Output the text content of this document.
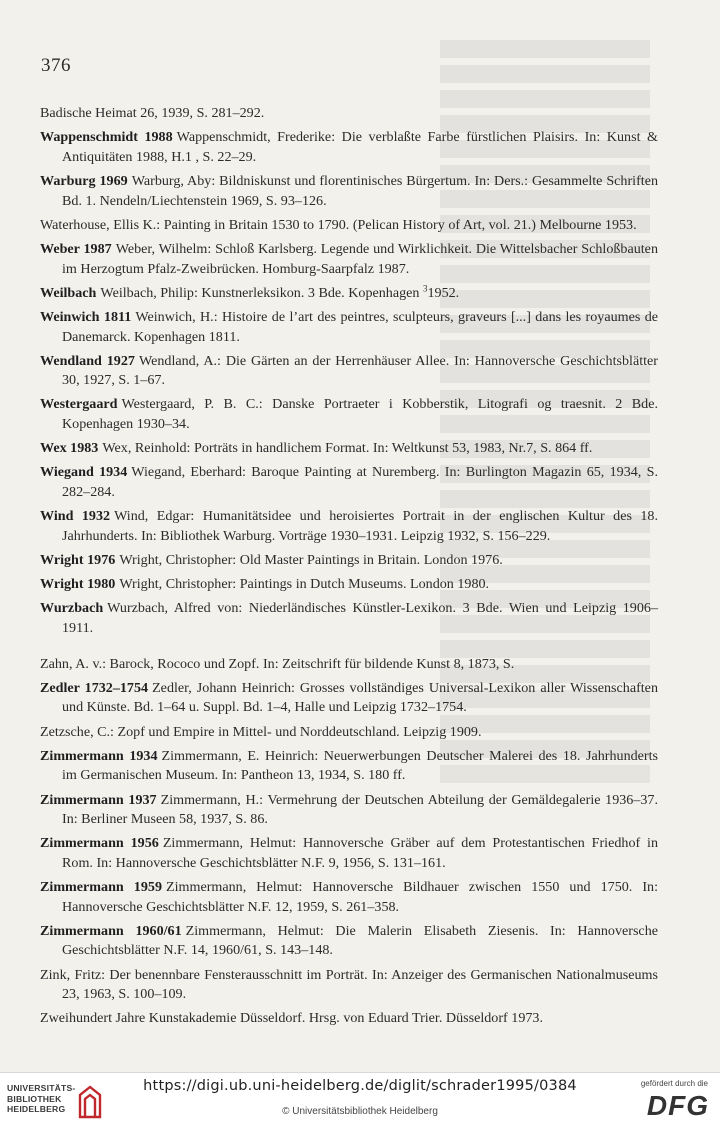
376
Badische Heimat 26, 1939, S. 281–292.
Wappenschmidt 1988 Wappenschmidt, Frederike: Die verblaßte Farbe fürstlichen Plaisirs. In: Kunst & Antiquitäten 1988, H.1 , S. 22–29.
Warburg 1969 Warburg, Aby: Bildniskunst und florentinisches Bürgertum. In: Ders.: Gesammelte Schriften Bd. 1. Nendeln/Liechtenstein 1969, S. 93–126.
Waterhouse, Ellis K.: Painting in Britain 1530 to 1790. (Pelican History of Art, vol. 21.) Melbourne 1953.
Weber 1987 Weber, Wilhelm: Schloß Karlsberg. Legende und Wirklichkeit. Die Wittelsbacher Schloßbauten im Herzogtum Pfalz-Zweibrücken. Homburg-Saarpfalz 1987.
Weilbach Weilbach, Philip: Kunstnerleksikon. 3 Bde. Kopenhagen $^3$1952.
Weinwich 1811 Weinwich, H.: Histoire de l’art des peintres, sculpteurs, graveurs [...] dans les royaumes de Danemarck. Kopenhagen 1811.
Wendland 1927 Wendland, A.: Die Gärten an der Herrenhäuser Allee. In: Hannoversche Geschichtsblätter 30, 1927, S. 1–67.
Westergaard Westergaard, P. B. C.: Danske Portraeter i Kobberstik, Litografi og traesnit. 2 Bde. Kopenhagen 1930–34.
Wex 1983 Wex, Reinhold: Porträts in handlichem Format. In: Weltkunst 53, 1983, Nr.7, S. 864 ff.
Wiegand 1934 Wiegand, Eberhard: Baroque Painting at Nuremberg. In: Burlington Magazin 65, 1934, S. 282–284.
Wind 1932 Wind, Edgar: Humanitätsidee und heroisiertes Portrait in der englischen Kultur des 18. Jahrhunderts. In: Bibliothek Warburg. Vorträge 1930–1931. Leipzig 1932, S. 156–229.
Wright 1976 Wright, Christopher: Old Master Paintings in Britain. London 1976.
Wright 1980 Wright, Christopher: Paintings in Dutch Museums. London 1980.
Wurzbach Wurzbach, Alfred von: Niederländisches Künstler-Lexikon. 3 Bde. Wien und Leipzig 1906–1911.
Zahn, A. v.: Barock, Rococo und Zopf. In: Zeitschrift für bildende Kunst 8, 1873, S.
Zedler 1732–1754 Zedler, Johann Heinrich: Grosses vollständiges Universal-Lexikon aller Wissenschaften und Künste. Bd. 1–64 u. Suppl. Bd. 1–4, Halle und Leipzig 1732–1754.
Zetzsche, C.: Zopf und Empire in Mittel- und Norddeutschland. Leipzig 1909.
Zimmermann 1934 Zimmermann, E. Heinrich: Neuerwerbungen Deutscher Malerei des 18. Jahrhunderts im Germanischen Museum. In: Pantheon 13, 1934, S. 180 ff.
Zimmermann 1937 Zimmermann, H.: Vermehrung der Deutschen Abteilung der Gemäldegalerie 1936–37. In: Berliner Museen 58, 1937, S. 86.
Zimmermann 1956 Zimmermann, Helmut: Hannoversche Gräber auf dem Protestantischen Friedhof in Rom. In: Hannoversche Geschichtsblätter N.F. 9, 1956, S. 131–161.
Zimmermann 1959 Zimmermann, Helmut: Hannoversche Bildhauer zwischen 1550 und 1750. In: Hannoversche Geschichtsblätter N.F. 12, 1959, S. 261–358.
Zimmermann 1960/61 Zimmermann, Helmut: Die Malerin Elisabeth Ziesenis. In: Hannoversche Geschichtsblätter N.F. 14, 1960/61, S. 143–148.
Zink, Fritz: Der benennbare Fensterausschnitt im Porträt. In: Anzeiger des Germanischen Nationalmuseums 23, 1963, S. 100–109.
Zweihundert Jahre Kunstakademie Düsseldorf. Hrsg. von Eduard Trier. Düsseldorf 1973.
UNIVERSITÄTS-
BIBLIOTHEK
HEIDELBERG
https://digi.ub.uni-heidelberg.de/diglit/schrader1995/0384
© Universitätsbibliothek Heidelberg
gefördert durch die
DFG
